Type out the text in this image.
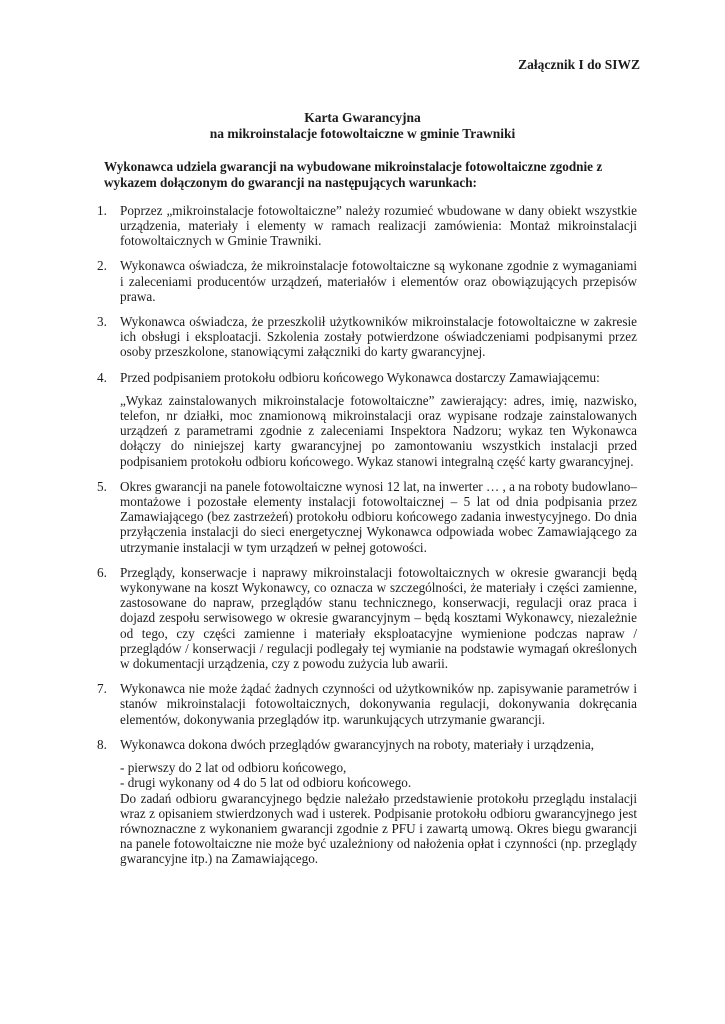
Załącznik I do SIWZ
Karta Gwarancyjna
na mikroinstalacje fotowoltaiczne w gminie Trawniki

Wykonawca udziela gwarancji na wybudowane mikroinstalacje fotowoltaiczne zgodnie z wykazem dołączonym do gwarancji na następujących warunkach:

1. Poprzez „mikroinstalacje fotowoltaiczne” należy rozumieć wbudowane w dany obiekt wszystkie urządzenia, materiały i elementy w ramach realizacji zamówienia: Montaż mikroinstalacji fotowoltaicznych w Gminie Trawniki.

2. Wykonawca oświadcza, że mikroinstalacje fotowoltaiczne są wykonane zgodnie z wymaganiami i zaleceniami producentów urządzeń, materiałów i elementów oraz obowiązujących przepisów prawa.

3. Wykonawca oświadcza, że przeszkolił użytkowników mikroinstalacje fotowoltaiczne w zakresie ich obsługi i eksploatacji. Szkolenia zostały potwierdzone oświadczeniami podpisanymi przez osoby przeszkolone, stanowiącymi załączniki do karty gwarancyjnej.

4. Przed podpisaniem protokołu odbioru końcowego Wykonawca dostarczy Zamawiającemu:

„Wykaz zainstalowanych mikroinstalacje fotowoltaiczne” zawierający: adres, imię, nazwisko, telefon, nr działki, moc znamionową mikroinstalacji oraz wypisane rodzaje zainstalowanych urządzeń z parametrami zgodnie z zaleceniami Inspektora Nadzoru; wykaz ten Wykonawca dołączy do niniejszej karty gwarancyjnej po zamontowaniu wszystkich instalacji przed podpisaniem protokołu odbioru końcowego. Wykaz stanowi integralną część karty gwarancyjnej.

5. Okres gwarancji na panele fotowoltaiczne wynosi 12 lat, na inwerter … , a na roboty budowlano–montażowe i pozostałe elementy instalacji fotowoltaicznej – 5 lat od dnia podpisania przez Zamawiającego (bez zastrzeżeń) protokołu odbioru końcowego zadania inwestycyjnego. Do dnia przyłączenia instalacji do sieci energetycznej Wykonawca odpowiada wobec Zamawiającego za utrzymanie instalacji w tym urządzeń w pełnej gotowości.

6. Przeglądy, konserwacje i naprawy mikroinstalacji fotowoltaicznych w okresie gwarancji będą wykonywane na koszt Wykonawcy, co oznacza w szczególności, że materiały i części zamienne, zastosowane do napraw, przeglądów stanu technicznego, konserwacji, regulacji oraz praca i dojazd zespołu serwisowego w okresie gwarancyjnym – będą kosztami Wykonawcy, niezależnie od tego, czy części zamienne i materiały eksploatacyjne wymienione podczas napraw / przeglądów / konserwacji / regulacji podlegały tej wymianie na podstawie wymagań określonych w dokumentacji urządzenia, czy z powodu zużycia lub awarii.

7. Wykonawca nie może żądać żadnych czynności od użytkowników np. zapisywanie parametrów i stanów mikroinstalacji fotowoltaicznych, dokonywania regulacji, dokonywania dokręcania elementów, dokonywania przeglądów itp. warunkujących utrzymanie gwarancji.

8. Wykonawca dokona dwóch przeglądów gwarancyjnych na roboty, materiały i urządzenia,

- pierwszy do 2 lat od odbioru końcowego,
- drugi wykonany od 4 do 5 lat od odbioru końcowego.

Do zadań odbioru gwarancyjnego będzie należało przedstawienie protokołu przeglądu instalacji wraz z opisaniem stwierdzonych wad i usterek. Podpisanie protokołu odbioru gwarancyjnego jest równoznaczne z wykonaniem gwarancji zgodnie z PFU i zawartą umową. Okres biegu gwarancji na panele fotowoltaiczne nie może być uzależniony od nałożenia opłat i czynności (np. przeglądy gwarancyjne itp.) na Zamawiającego.
